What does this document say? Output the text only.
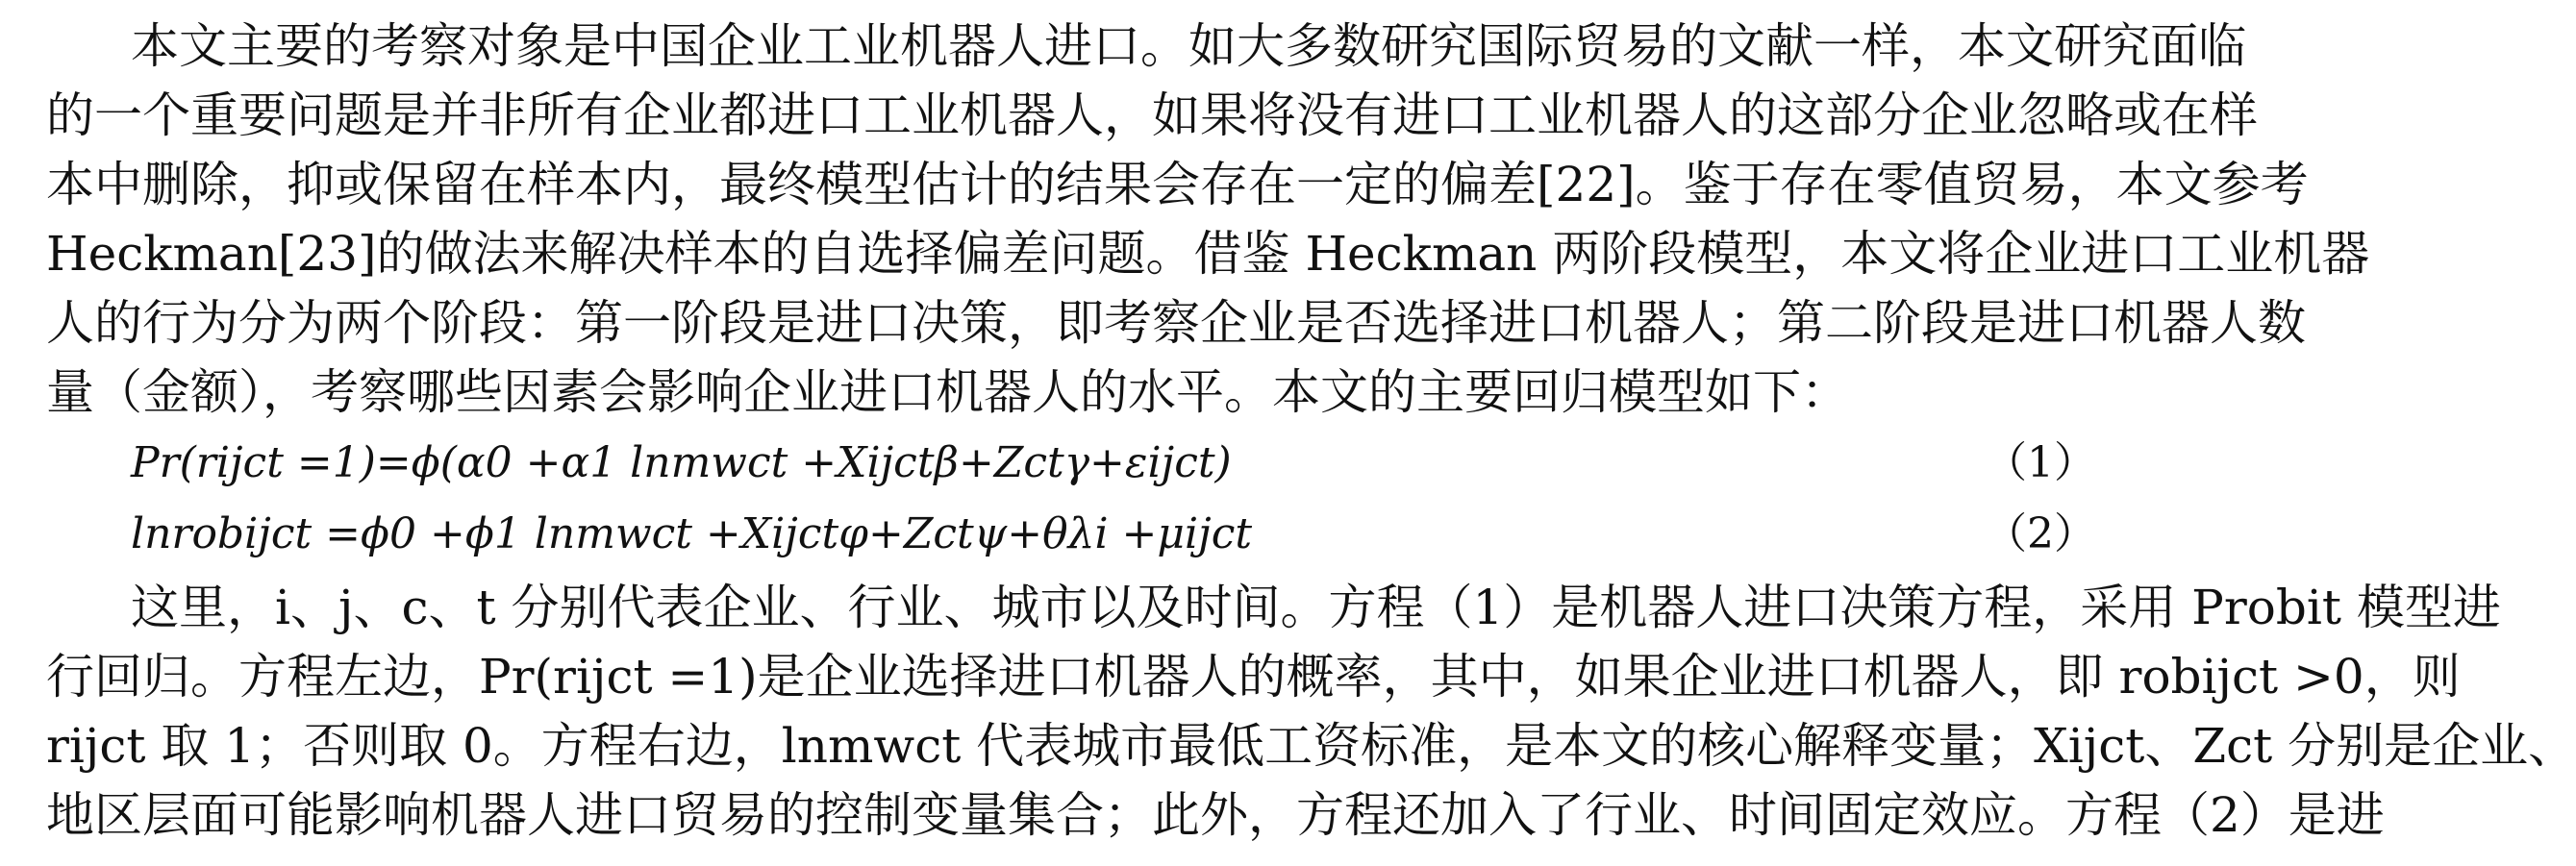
本文主要的考察对象是中国企业工业机器人进口。如大多数研究国际贸易的文献一样，本文研究面临
的一个重要问题是并非所有企业都进口工业机器人，如果将没有进口工业机器人的这部分企业忽略或在样
本中删除，抑或保留在样本内，最终模型估计的结果会存在一定的偏差[22]。鉴于存在零值贸易，本文参考
Heckman[23]的做法来解决样本的自选择偏差问题。借鉴 Heckman 两阶段模型，本文将企业进口工业机器
人的行为分为两个阶段：第一阶段是进口决策，即考察企业是否选择进口机器人；第二阶段是进口机器人数
量（金额），考察哪些因素会影响企业进口机器人的水平。本文的主要回归模型如下：
Pr(rijct =1)=ϕ(α0 +α1 lnmwct +Xijctβ+Zctγ+εijct)	（1）
lnrobijct =ϕ0 +ϕ1 lnmwct +Xijctφ+Zctψ+θλi +μijct	（2）
这里，i、j、c、t 分别代表企业、行业、城市以及时间。方程（1）是机器人进口决策方程，采用 Probit 模型进
行回归。方程左边，Pr(rijct =1)是企业选择进口机器人的概率，其中，如果企业进口机器人，即 robijct >0，则
rijct 取 1；否则取 0。方程右边，lnmwct 代表城市最低工资标准，是本文的核心解释变量；Xijct、Zct 分别是企业、
地区层面可能影响机器人进口贸易的控制变量集合；此外，方程还加入了行业、时间固定效应。方程（2）是进
